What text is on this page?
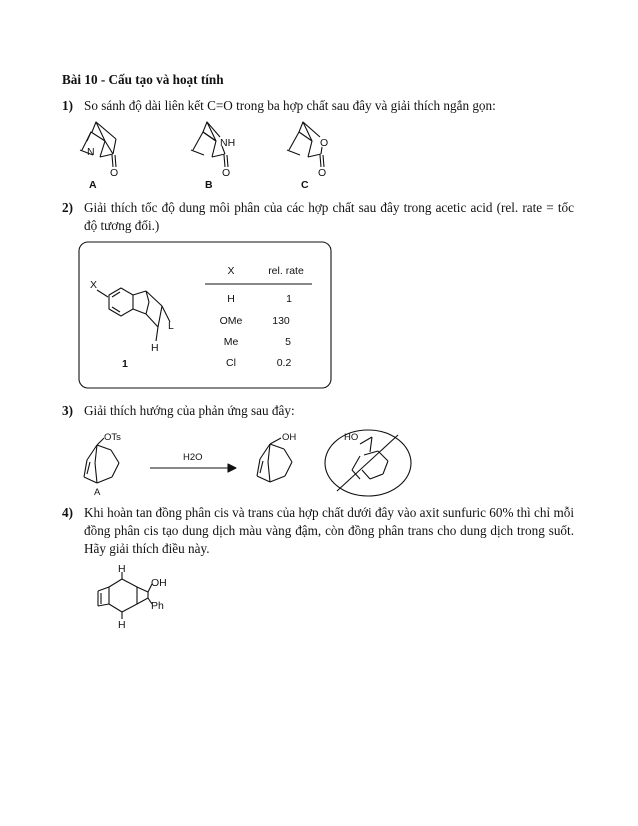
Bài 10 - Cấu tạo và hoạt tính
1) So sánh độ dài liên kết C=O trong ba hợp chất sau đây và giải thích ngắn gọn:
N
O
NH
O
O
O
A	B	C
2) Giải thích tốc độ dung môi phân của các hợp chất sau đây trong acetic acid (rel. rate = tốc độ tương đối.)
X
L
H
1
X	rel. rate
H	1
OMe	130
Me	5
Cl	0.2
3) Giải thích hướng của phản ứng sau đây:
OTs
A
H2O
OH	HO
4) Khi hoàn tan đồng phân cis và trans của hợp chất dưới đây vào axit sunfuric 60% thì chỉ mỗi đồng phân cis tạo dung dịch màu vàng đậm, còn đồng phân trans cho dung dịch trong suốt. Hãy giải thích điều này.
H
H
OH
Ph
